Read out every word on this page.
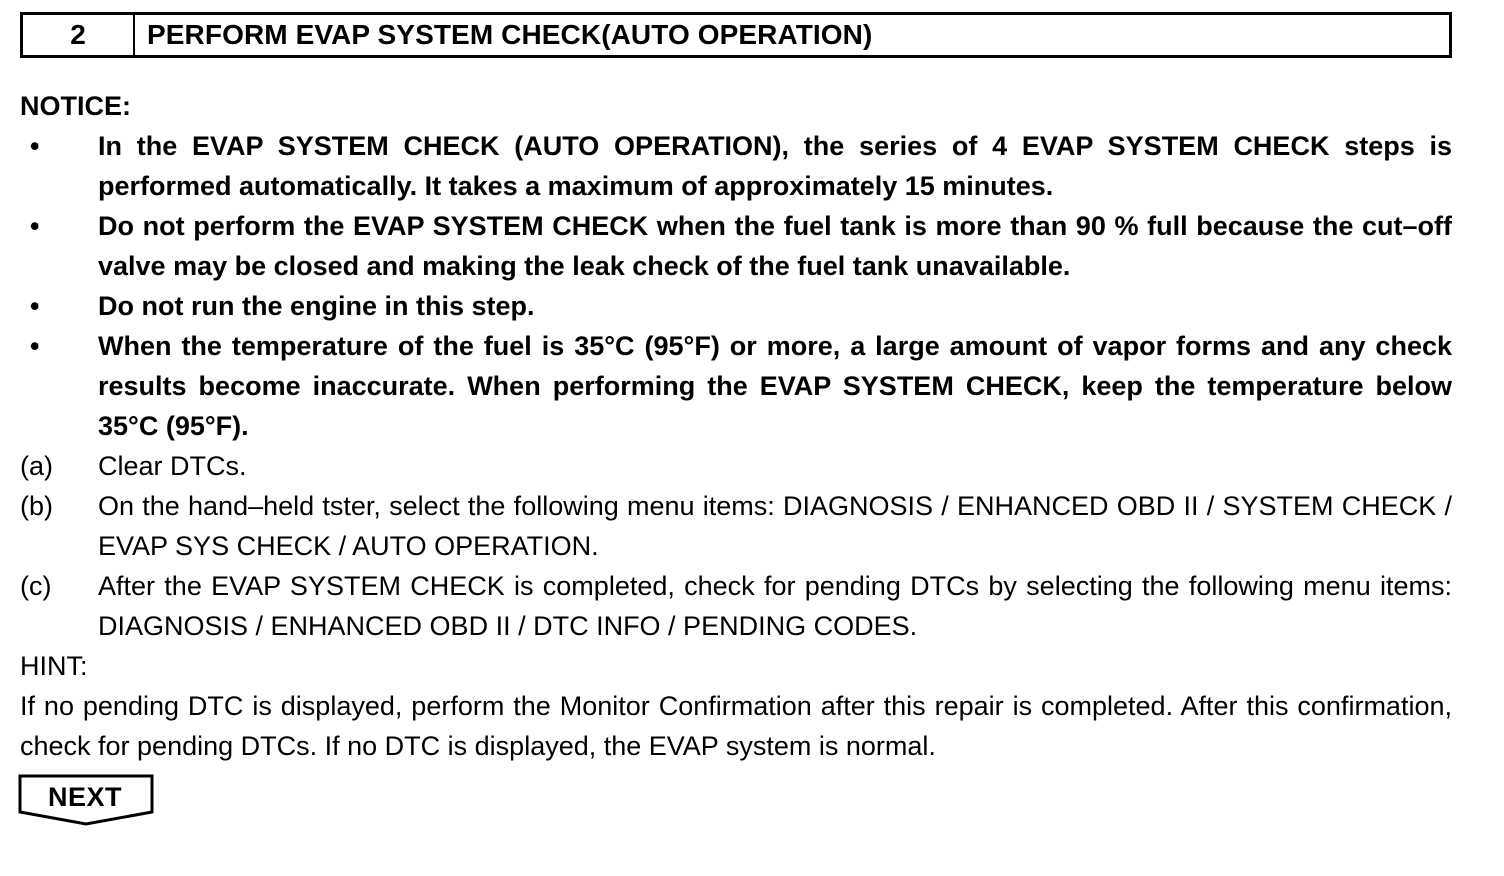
2	PERFORM EVAP SYSTEM CHECK(AUTO OPERATION)
NOTICE:
•	In the EVAP SYSTEM CHECK (AUTO OPERATION), the series of 4 EVAP SYSTEM CHECK steps is performed automatically. It takes a maximum of approximately 15 minutes.
•	Do not perform the EVAP SYSTEM CHECK when the fuel tank is more than 90 % full because the cut–off valve may be closed and making the leak check of the fuel tank unavailable.
•	Do not run the engine in this step.
•	When the temperature of the fuel is 35°C (95°F) or more, a large amount of vapor forms and any check results become inaccurate. When performing the EVAP SYSTEM CHECK, keep the temperature below 35°C (95°F).
(a)	Clear DTCs.
(b)	On the hand–held tster, select the following menu items: DIAGNOSIS / ENHANCED OBD II / SYSTEM CHECK / EVAP SYS CHECK / AUTO OPERATION.
(c)	After the EVAP SYSTEM CHECK is completed, check for pending DTCs by selecting the following menu items: DIAGNOSIS / ENHANCED OBD II / DTC INFO / PENDING CODES.
HINT:
If no pending DTC is displayed, perform the Monitor Confirmation after this repair is completed. After this confirmation, check for pending DTCs. If no DTC is displayed, the EVAP system is normal.
NEXT
